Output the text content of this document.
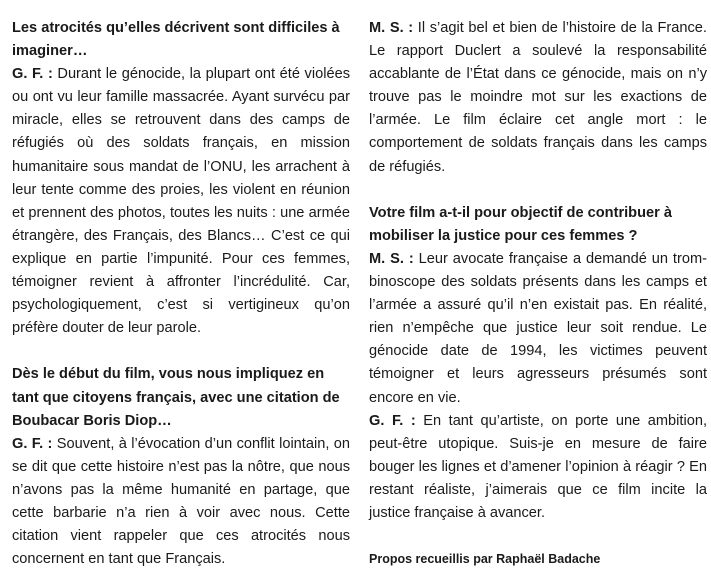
Les atrocités qu’elles décrivent sont difficiles à imaginer…

G. F. : Durant le génocide, la plupart ont été violées ou ont vu leur famille massacrée. Ayant survécu par miracle, elles se retrouvent dans des camps de réfugiés où des soldats français, en mission humanitaire sous mandat de l’ONU, les arrachent à leur tente comme des proies, les violent en réunion et prennent des photos, toutes les nuits : une armée étrangère, des Français, des Blancs… C’est ce qui explique en partie l’impunité. Pour ces femmes, témoigner revient à affronter l’incrédulité. Car, psychologiquement, c’est si vertigineux qu’on préfère douter de leur parole.

Dès le début du film, vous nous impliquez en tant que citoyens français, avec une citation de Boubacar Boris Diop…

G. F. : Souvent, à l’évocation d’un conflit lointain, on se dit que cette histoire n’est pas la nôtre, que nous n’avons pas la même humanité en partage, que cette barbarie n’a rien à voir avec nous. Cette citation vient rappeler que ces atrocités nous concernent en tant que Français.

M. S. : Il s’agit bel et bien de l’histoire de la France. Le rapport Duclert a soulevé la responsabilité accablante de l’État dans ce génocide, mais on n’y trouve pas le moindre mot sur les exactions de l’armée. Le film éclaire cet angle mort : le comportement de soldats français dans les camps de réfugiés.

Votre film a-t-il pour objectif de contribuer à mobiliser la justice pour ces femmes ?

M. S. : Leur avocate française a demandé un trombinoscope des soldats présents dans les camps et l’armée a assuré qu’il n’en existait pas. En réalité, rien n’empêche que justice leur soit rendue. Le génocide date de 1994, les victimes peuvent témoigner et leurs agresseurs présumés sont encore en vie.

G. F. : En tant qu’artiste, on porte une ambition, peut-être utopique. Suis-je en mesure de faire bouger les lignes et d’amener l’opinion à réagir ? En restant réaliste, j’aimerais que ce film incite la justice française à avancer.

Propos recueillis par Raphaël Badache
